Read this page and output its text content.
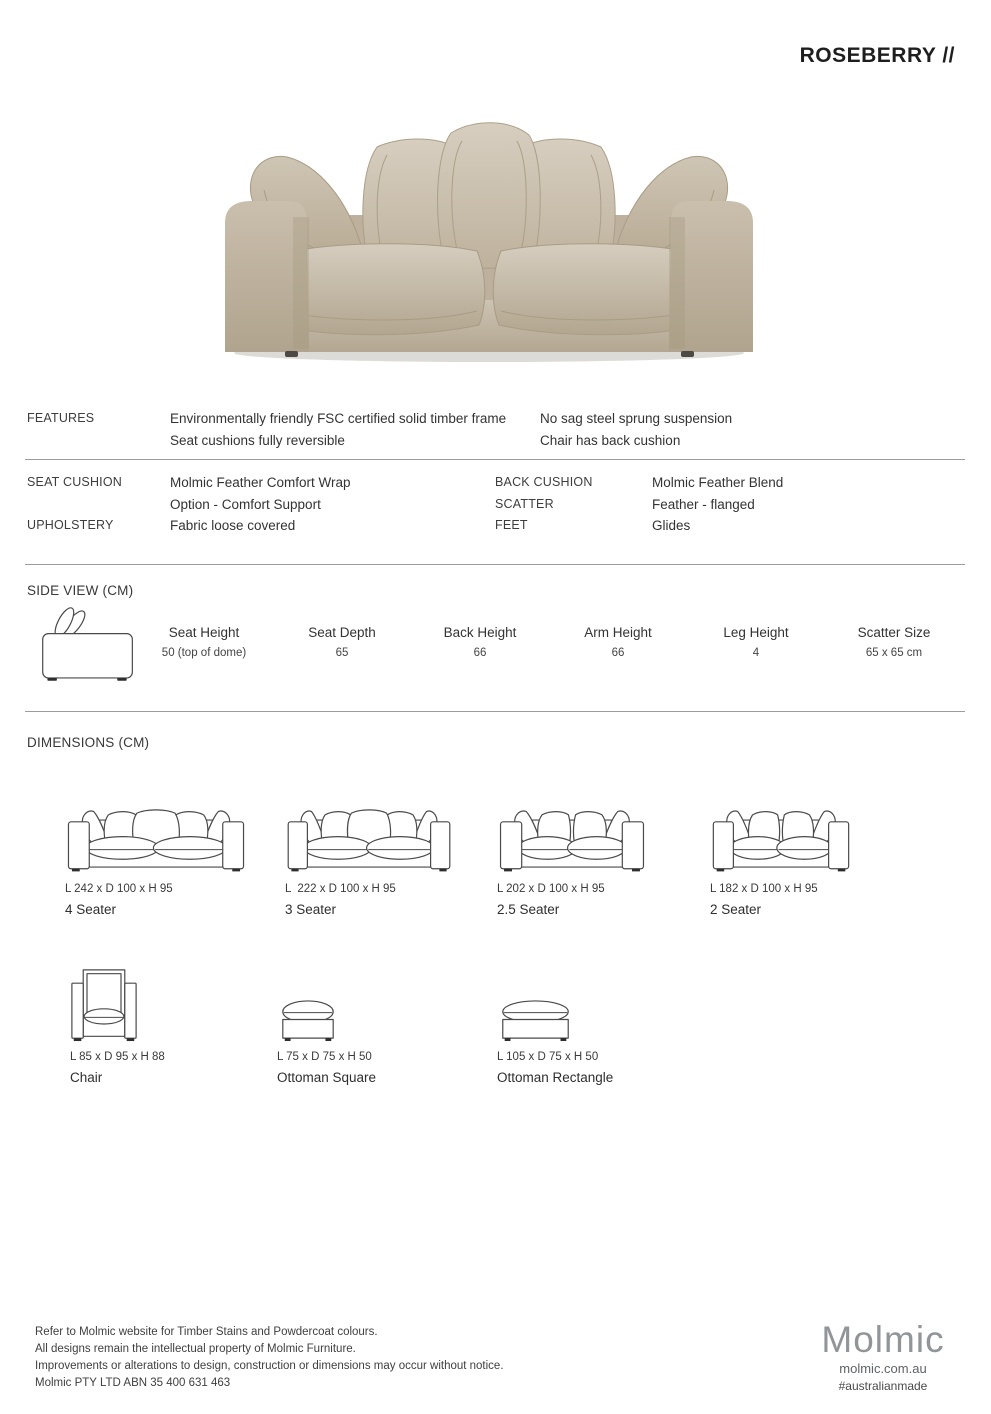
ROSEBERRY //
FEATURES	Environmentally friendly FSC certified solid timber frame
Seat cushions fully reversible
No sag steel sprung suspension
Chair has back cushion
SEAT CUSHION

UPHOLSTERY
Molmic Feather Comfort Wrap
Option - Comfort Support
Fabric loose covered
BACK CUSHION
SCATTER
FEET
Molmic Feather Blend
Feather - flanged
Glides
SIDE VIEW (CM)
Seat Height
50 (top of dome)
Seat Depth
65
Back Height
66
Arm Height
66
Leg Height
4
Scatter Size
65 x 65 cm
DIMENSIONS (CM)
L 242 x D 100 x H 95
4 Seater
L  222 x D 100 x H 95
3 Seater
L 202 x D 100 x H 95
2.5 Seater
L 182 x D 100 x H 95
2 Seater
L 85 x D 95 x H 88
Chair
L 75 x D 75 x H 50
Ottoman Square
L 105 x D 75 x H 50
Ottoman Rectangle
Refer to Molmic website for Timber Stains and Powdercoat colours.
All designs remain the intellectual property of Molmic Furniture.
Improvements or alterations to design, construction or dimensions may occur without notice.
Molmic PTY LTD ABN 35 400 631 463
Molmic
molmic.com.au
#australianmade
